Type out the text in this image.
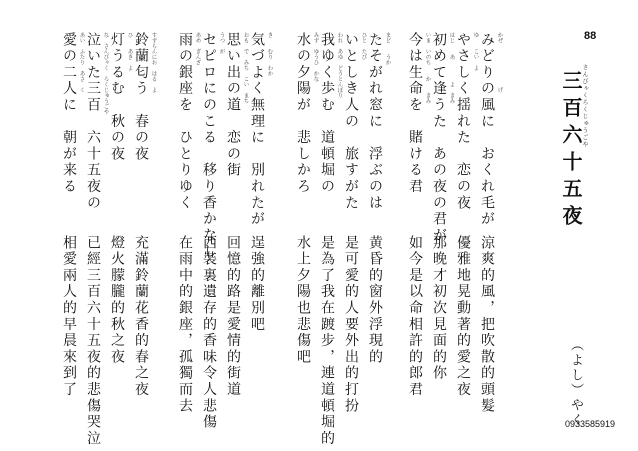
88
さんびゃくろくじゅうごや
三百六十五夜
みどりの風に　おくれ毛が かぜ　　　　　　　　げ
やさしく揺れた　恋の夜 ゆ　　こい　よ
初めて逢うた　あの夜の君が はじ　　あ　　　　よ　きみ
今は生命を　賭ける君 いま　いのち　　か　　きみ
たそがれ窓に　浮ぶのは まど　　うか
いとしき人の　旅すがた ひと　たび
我ゆく歩む　道頓堀の われ　あゆ　どうとんぼり
水の夕陽が　悲しかろ みず　ゆうひ　かな
気づよく無理に　別れたが き　　むり　わか
思い出の道　恋の街 おも　で　みち　こい　まち
セピロにのこる　移り香かなし うつ　が
雨の銀座を　ひとりゆく あめ　ぎんざ
鈴蘭匂う　春の夜 すずらんにお　はる　よ
灯うるむ　秋の夜 ひ　　あき　よ
泣いた三百　六十五夜の な　さんびゃく　ろくじゅうごや
愛の二人に　朝が来る あい　ふたり　あさ　く
涼爽的風，把吹散的頭髮
優雅地晃動著的愛之夜
那晚才初次見面的你
如今是以命相許的郎君
黄昏的窗外浮現的
是可愛的人要外出的打扮
是為了我在踱步，連道頓堀的
水上夕陽也悲傷吧
逞強的離別吧
回憶的路是愛情的街道
西裝裏遺存的香味令人悲傷
在雨中的銀座，孤獨而去
充滿鈴蘭花香的春之夜
燈火朦朧的秋之夜
已經三百六十五夜的悲傷哭泣
相愛兩人的早晨來到了	（よし）やく
0933585919
